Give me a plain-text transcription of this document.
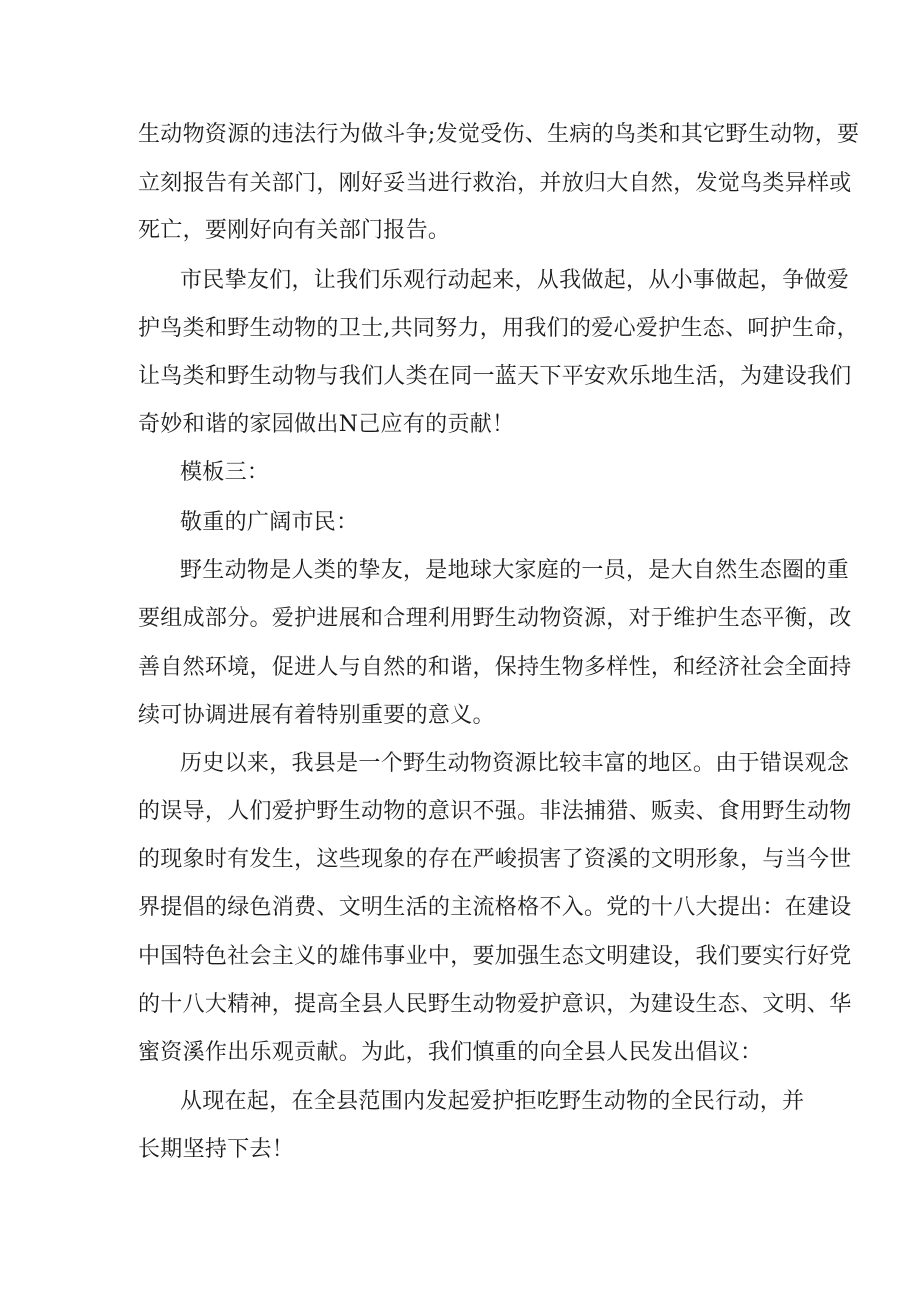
生动物资源的违法行为做斗争;发觉受伤、生病的鸟类和其它野生动物，要
立刻报告有关部门，刚好妥当进行救治，并放归大自然，发觉鸟类异样或
死亡，要刚好向有关部门报告。
市民挚友们，让我们乐观行动起来，从我做起，从小事做起，争做爱
护鸟类和野生动物的卫士,共同努力，用我们的爱心爱护生态、呵护生命，
让鸟类和野生动物与我们人类在同一蓝天下平安欢乐地生活，为建设我们
奇妙和谐的家园做出N己应有的贡献！
模板三：
敬重的广阔市民：
野生动物是人类的挚友，是地球大家庭的一员，是大自然生态圈的重
要组成部分。爱护进展和合理利用野生动物资源，对于维护生态平衡，改
善自然环境，促进人与自然的和谐，保持生物多样性，和经济社会全面持
续可协调进展有着特别重要的意义。
历史以来，我县是一个野生动物资源比较丰富的地区。由于错误观念
的误导，人们爱护野生动物的意识不强。非法捕猎、贩卖、食用野生动物
的现象时有发生，这些现象的存在严峻损害了资溪的文明形象，与当今世
界提倡的绿色消费、文明生活的主流格格不入。党的十八大提出：在建设
中国特色社会主义的雄伟事业中，要加强生态文明建设，我们要实行好党
的十八大精神，提高全县人民野生动物爱护意识，为建设生态、文明、华
蜜资溪作出乐观贡献。为此，我们慎重的向全县人民发出倡议：
从现在起，在全县范围内发起爱护拒吃野生动物的全民行动，并
长期坚持下去！
